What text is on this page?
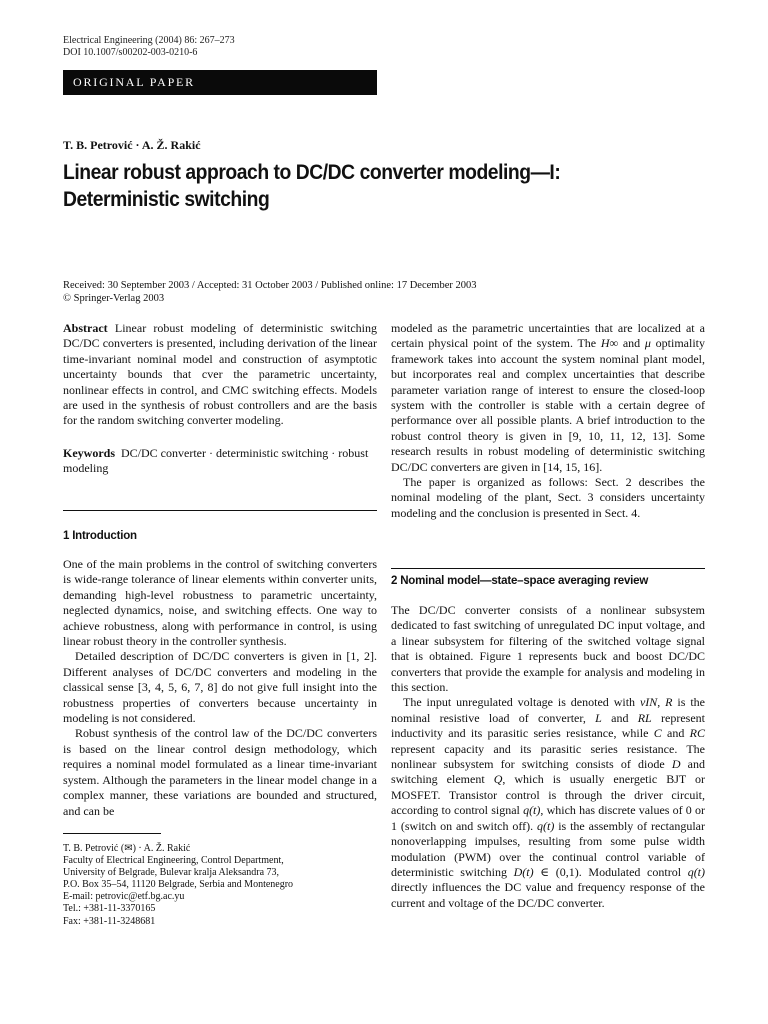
Electrical Engineering (2004) 86: 267–273
DOI 10.1007/s00202-003-0210-6
ORIGINAL PAPER
T. B. Petrović · A. Ž. Rakić
Linear robust approach to DC/DC converter modeling—I: Deterministic switching
Received: 30 September 2003 / Accepted: 31 October 2003 / Published online: 17 December 2003
© Springer-Verlag 2003

Abstract Linear robust modeling of deterministic switching DC/DC converters is presented, including derivation of the linear time-invariant nominal model and construction of asymptotic uncertainty bounds that cver the parametric uncertainty, nonlinear effects in control, and CMC switching effects. Models are used in the synthesis of robust controllers and are the basis for the random switching converter modeling.

Keywords DC/DC converter · deterministic switching · robust modeling

1 Introduction

One of the main problems in the control of switching converters is wide-range tolerance of linear elements within converter units, demanding high-level robustness to parametric uncertainty, neglected dynamics, noise, and switching effects. One way to achieve robustness, along with performance in control, is using linear robust theory in the controller synthesis.

Detailed description of DC/DC converters is given in [1, 2]. Different analyses of DC/DC converters and modeling in the classical sense [3, 4, 5, 6, 7, 8] do not give full insight into the robustness properties of converters because uncertainty in modeling is not considered.

Robust synthesis of the control law of the DC/DC converters is based on the linear control design methodology, which requires a nominal model formulated as a linear time-invariant system. Although the parameters in the linear model change in a complex manner, these variations are bounded and structured, and can be

T. B. Petrović (✉) · A. Ž. Rakić
Faculty of Electrical Engineering, Control Department,
University of Belgrade, Bulevar kralja Aleksandra 73,
P.O. Box 35–54, 11120 Belgrade, Serbia and Montenegro
E-mail: petrovic@etf.bg.ac.yu
Tel.: +381-11-3370165
Fax: +381-11-3248681

modeled as the parametric uncertainties that are localized at a certain physical point of the system. The H∞ and μ optimality framework takes into account the system nominal plant model, but incorporates real and complex uncertainties that describe parameter variation range of interest to ensure the closed-loop system with the controller is stable with a certain degree of performance over all possible plants. A brief introduction to the robust control theory is given in [9, 10, 11, 12, 13]. Some research results in robust modeling of deterministic switching DC/DC converters are given in [14, 15, 16].

The paper is organized as follows: Sect. 2 describes the nominal modeling of the plant, Sect. 3 considers uncertainty modeling and the conclusion is presented in Sect. 4.

2 Nominal model—state–space averaging review

The DC/DC converter consists of a nonlinear subsystem dedicated to fast switching of unregulated DC input voltage, and a linear subsystem for filtering of the switched voltage signal that is obtained. Figure 1 represents buck and boost DC/DC converters that provide the example for analysis and modeling in this section.

The input unregulated voltage is denoted with vIN, R is the nominal resistive load of converter, L and RL represent inductivity and its parasitic series resistance, while C and RC represent capacity and its parasitic series resistance. The nonlinear subsystem for switching consists of diode D and switching element Q, which is usually energetic BJT or MOSFET. Transistor control is through the driver circuit, according to control signal q(t), which has discrete values of 0 or 1 (switch on and switch off). q(t) is the assembly of rectangular nonoverlapping impulses, resulting from some pulse width modulation (PWM) over the continual control variable of deterministic switching D(t) ∈ (0,1). Modulated control q(t) directly influences the DC value and frequency response of the current and voltage of the DC/DC converter.
